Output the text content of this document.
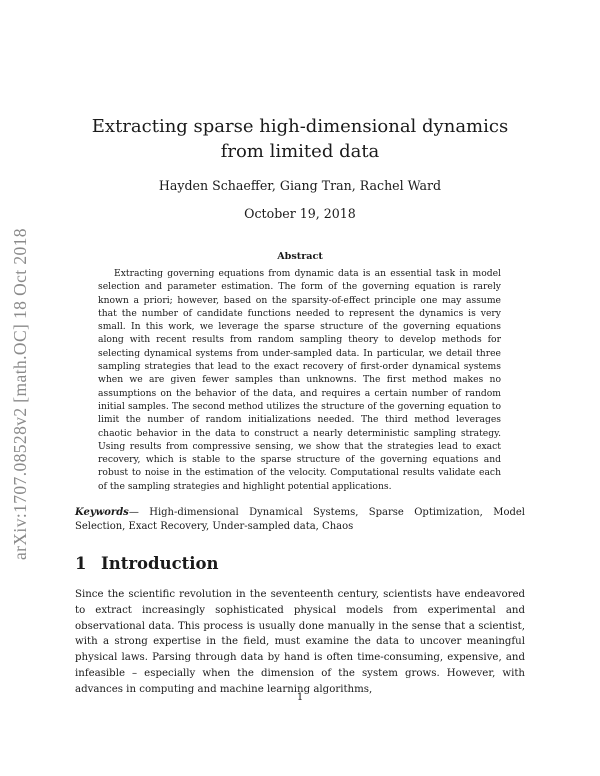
arXiv:1707.08528v2 [math.OC] 18 Oct 2018
Extracting sparse high-dimensional dynamics from limited data
Hayden Schaeffer, Giang Tran, Rachel Ward
October 19, 2018
Abstract

Extracting governing equations from dynamic data is an essential task in model selection and parameter estimation. The form of the governing equation is rarely known a priori; however, based on the sparsity-of-effect principle one may assume that the number of candidate functions needed to represent the dynamics is very small. In this work, we leverage the sparse structure of the governing equations along with recent results from random sampling theory to develop methods for selecting dynamical systems from under-sampled data. In particular, we detail three sampling strategies that lead to the exact recovery of first-order dynamical systems when we are given fewer samples than unknowns. The first method makes no assumptions on the behavior of the data, and requires a certain number of random initial samples. The second method utilizes the structure of the governing equation to limit the number of random initializations needed. The third method leverages chaotic behavior in the data to construct a nearly deterministic sampling strategy. Using results from compressive sensing, we show that the strategies lead to exact recovery, which is stable to the sparse structure of the governing equations and robust to noise in the estimation of the velocity. Computational results validate each of the sampling strategies and highlight potential applications.

Keywords— High-dimensional Dynamical Systems, Sparse Optimization, Model Selection, Exact Recovery, Under-sampled data, Chaos

1 Introduction

Since the scientific revolution in the seventeenth century, scientists have endeavored to extract increasingly sophisticated physical models from experimental and observational data. This process is usually done manually in the sense that a scientist, with a strong expertise in the field, must examine the data to uncover meaningful physical laws. Parsing through data by hand is often time-consuming, expensive, and infeasible – especially when the dimension of the system grows. However, with advances in computing and machine learning algorithms,

1
